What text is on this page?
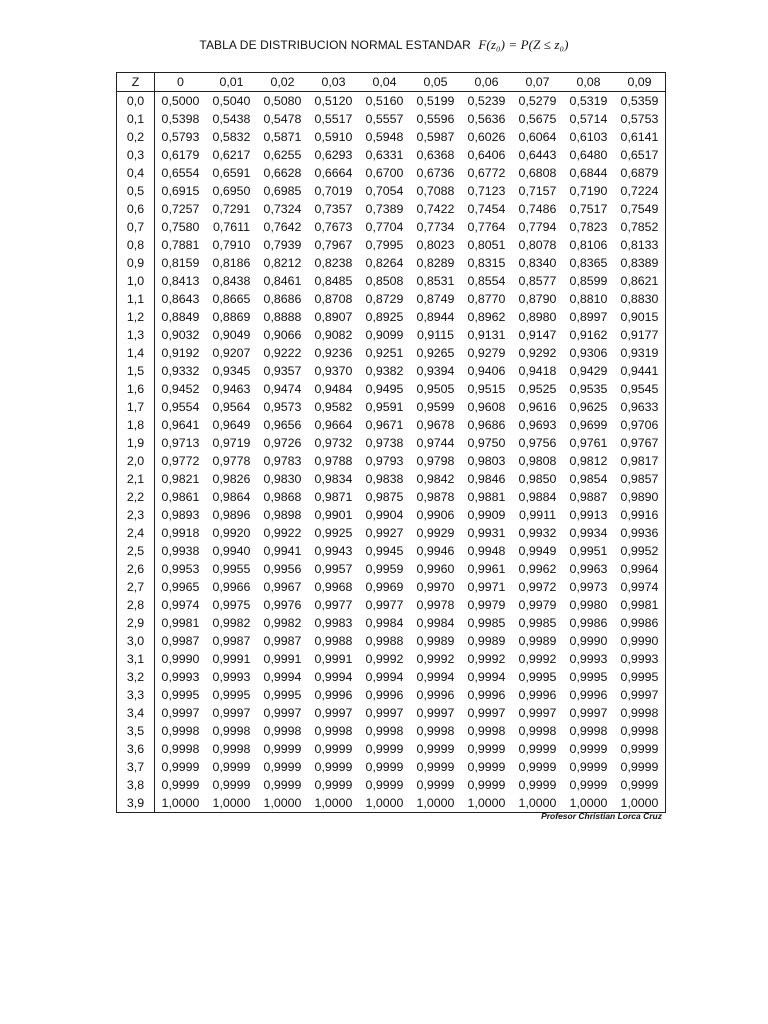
TABLA DE DISTRIBUCION NORMAL ESTANDAR F(z₀) = P(Z ≤ z₀)
Z	0	0,01	0,02	0,03	0,04	0,05	0,06	0,07	0,08	0,09
0,0	0,5000	0,5040	0,5080	0,5120	0,5160	0,5199	0,5239	0,5279	0,5319	0,5359
0,1	0,5398	0,5438	0,5478	0,5517	0,5557	0,5596	0,5636	0,5675	0,5714	0,5753
0,2	0,5793	0,5832	0,5871	0,5910	0,5948	0,5987	0,6026	0,6064	0,6103	0,6141
0,3	0,6179	0,6217	0,6255	0,6293	0,6331	0,6368	0,6406	0,6443	0,6480	0,6517
0,4	0,6554	0,6591	0,6628	0,6664	0,6700	0,6736	0,6772	0,6808	0,6844	0,6879
0,5	0,6915	0,6950	0,6985	0,7019	0,7054	0,7088	0,7123	0,7157	0,7190	0,7224
0,6	0,7257	0,7291	0,7324	0,7357	0,7389	0,7422	0,7454	0,7486	0,7517	0,7549
0,7	0,7580	0,7611	0,7642	0,7673	0,7704	0,7734	0,7764	0,7794	0,7823	0,7852
0,8	0,7881	0,7910	0,7939	0,7967	0,7995	0,8023	0,8051	0,8078	0,8106	0,8133
0,9	0,8159	0,8186	0,8212	0,8238	0,8264	0,8289	0,8315	0,8340	0,8365	0,8389
1,0	0,8413	0,8438	0,8461	0,8485	0,8508	0,8531	0,8554	0,8577	0,8599	0,8621
1,1	0,8643	0,8665	0,8686	0,8708	0,8729	0,8749	0,8770	0,8790	0,8810	0,8830
1,2	0,8849	0,8869	0,8888	0,8907	0,8925	0,8944	0,8962	0,8980	0,8997	0,9015
1,3	0,9032	0,9049	0,9066	0,9082	0,9099	0,9115	0,9131	0,9147	0,9162	0,9177
1,4	0,9192	0,9207	0,9222	0,9236	0,9251	0,9265	0,9279	0,9292	0,9306	0,9319
1,5	0,9332	0,9345	0,9357	0,9370	0,9382	0,9394	0,9406	0,9418	0,9429	0,9441
1,6	0,9452	0,9463	0,9474	0,9484	0,9495	0,9505	0,9515	0,9525	0,9535	0,9545
1,7	0,9554	0,9564	0,9573	0,9582	0,9591	0,9599	0,9608	0,9616	0,9625	0,9633
1,8	0,9641	0,9649	0,9656	0,9664	0,9671	0,9678	0,9686	0,9693	0,9699	0,9706
1,9	0,9713	0,9719	0,9726	0,9732	0,9738	0,9744	0,9750	0,9756	0,9761	0,9767
2,0	0,9772	0,9778	0,9783	0,9788	0,9793	0,9798	0,9803	0,9808	0,9812	0,9817
2,1	0,9821	0,9826	0,9830	0,9834	0,9838	0,9842	0,9846	0,9850	0,9854	0,9857
2,2	0,9861	0,9864	0,9868	0,9871	0,9875	0,9878	0,9881	0,9884	0,9887	0,9890
2,3	0,9893	0,9896	0,9898	0,9901	0,9904	0,9906	0,9909	0,9911	0,9913	0,9916
2,4	0,9918	0,9920	0,9922	0,9925	0,9927	0,9929	0,9931	0,9932	0,9934	0,9936
2,5	0,9938	0,9940	0,9941	0,9943	0,9945	0,9946	0,9948	0,9949	0,9951	0,9952
2,6	0,9953	0,9955	0,9956	0,9957	0,9959	0,9960	0,9961	0,9962	0,9963	0,9964
2,7	0,9965	0,9966	0,9967	0,9968	0,9969	0,9970	0,9971	0,9972	0,9973	0,9974
2,8	0,9974	0,9975	0,9976	0,9977	0,9977	0,9978	0,9979	0,9979	0,9980	0,9981
2,9	0,9981	0,9982	0,9982	0,9983	0,9984	0,9984	0,9985	0,9985	0,9986	0,9986
3,0	0,9987	0,9987	0,9987	0,9988	0,9988	0,9989	0,9989	0,9989	0,9990	0,9990
3,1	0,9990	0,9991	0,9991	0,9991	0,9992	0,9992	0,9992	0,9992	0,9993	0,9993
3,2	0,9993	0,9993	0,9994	0,9994	0,9994	0,9994	0,9994	0,9995	0,9995	0,9995
3,3	0,9995	0,9995	0,9995	0,9996	0,9996	0,9996	0,9996	0,9996	0,9996	0,9997
3,4	0,9997	0,9997	0,9997	0,9997	0,9997	0,9997	0,9997	0,9997	0,9997	0,9998
3,5	0,9998	0,9998	0,9998	0,9998	0,9998	0,9998	0,9998	0,9998	0,9998	0,9998
3,6	0,9998	0,9998	0,9999	0,9999	0,9999	0,9999	0,9999	0,9999	0,9999	0,9999
3,7	0,9999	0,9999	0,9999	0,9999	0,9999	0,9999	0,9999	0,9999	0,9999	0,9999
3,8	0,9999	0,9999	0,9999	0,9999	0,9999	0,9999	0,9999	0,9999	0,9999	0,9999
3,9	1,0000	1,0000	1,0000	1,0000	1,0000	1,0000	1,0000	1,0000	1,0000	1,0000
Profesor Christian Lorca Cruz
